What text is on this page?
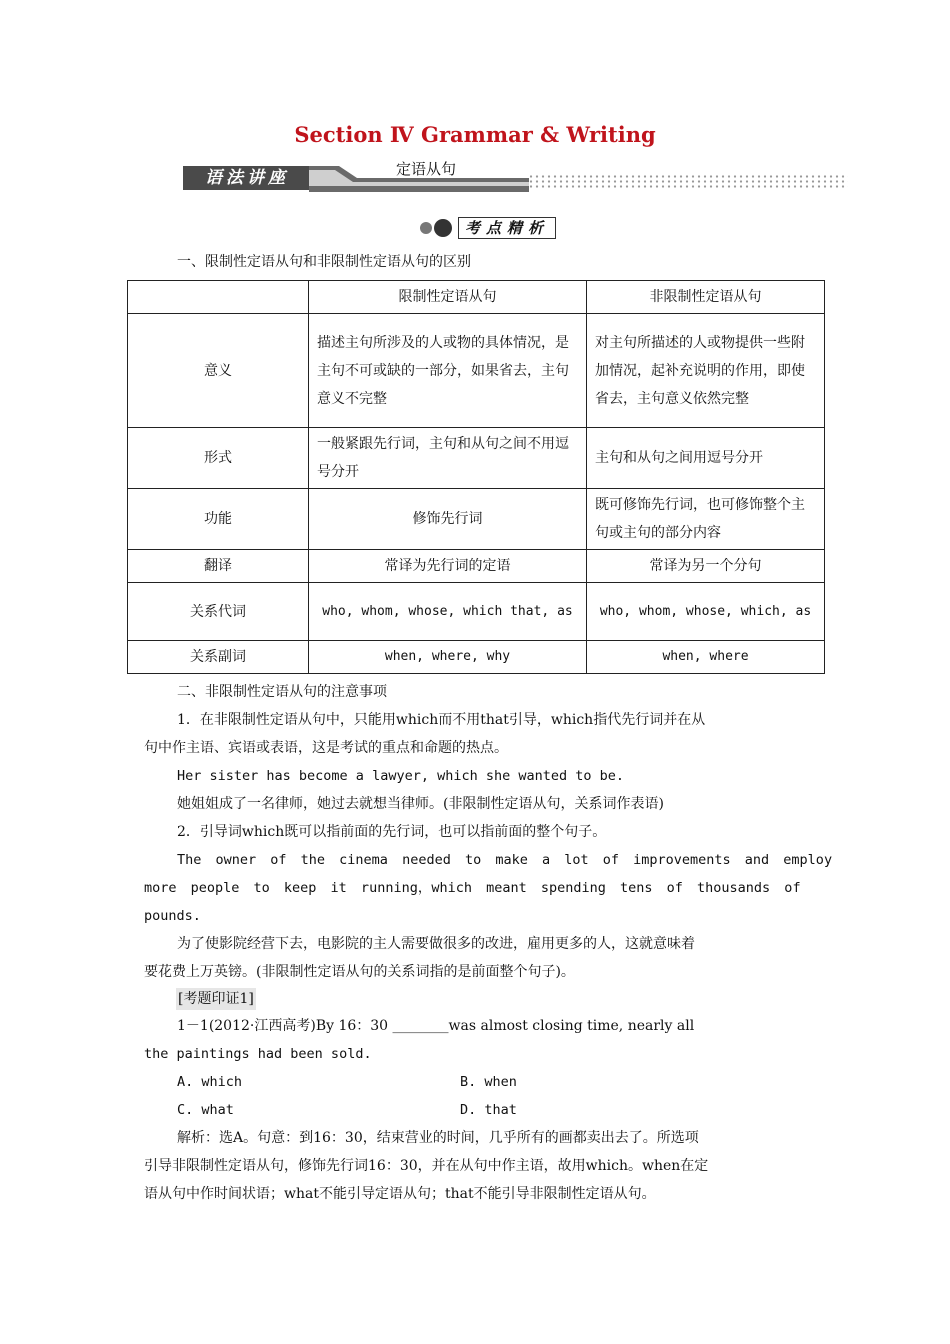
Section Ⅳ Grammar & Writing
语法讲座	定语从句
考点精析
一、限制性定语从句和非限制性定语从句的区别
	限制性定语从句	非限制性定语从句
意义	描述主句所涉及的人或物的具体情况，是主句不可或缺的一部分，如果省去，主句意义不完整	对主句所描述的人或物提供一些附加情况，起补充说明的作用，即使省去，主句意义依然完整
形式	一般紧跟先行词，主句和从句之间不用逗号分开	主句和从句之间用逗号分开
功能	修饰先行词	既可修饰先行词，也可修饰整个主句或主句的部分内容
翻译	常译为先行词的定语	常译为另一个分句
关系代词	who, whom, whose, which that, as	who, whom, whose, which, as
关系副词	when, where, why	when, where
二、非限制性定语从句的注意事项
1．在非限制性定语从句中，只能用which而不用that引导，which指代先行词并在从
句中作主语、宾语或表语，这是考试的重点和命题的热点。
Her sister has become a lawyer, which she wanted to be.
她姐姐成了一名律师，她过去就想当律师。(非限制性定语从句，关系词作表语)
2．引导词which既可以指前面的先行词，也可以指前面的整个句子。
The owner of the cinema needed to make a lot of improvements and employ
more people to keep it running，which meant spending tens of thousands of
pounds.
为了使影院经营下去，电影院的主人需要做很多的改进，雇用更多的人，这就意味着
要花费上万英镑。(非限制性定语从句的关系词指的是前面整个句子)。
[考题印证1]
1－1(2012·江西高考)By 16：30 ________was almost closing time, nearly all
the paintings had been sold.
A. which	B. when
C. what	D. that
解析：选A。句意：到16：30，结束营业的时间，几乎所有的画都卖出去了。所选项
引导非限制性定语从句，修饰先行词16：30，并在从句中作主语，故用which。when在定
语从句中作时间状语；what不能引导定语从句；that不能引导非限制性定语从句。
